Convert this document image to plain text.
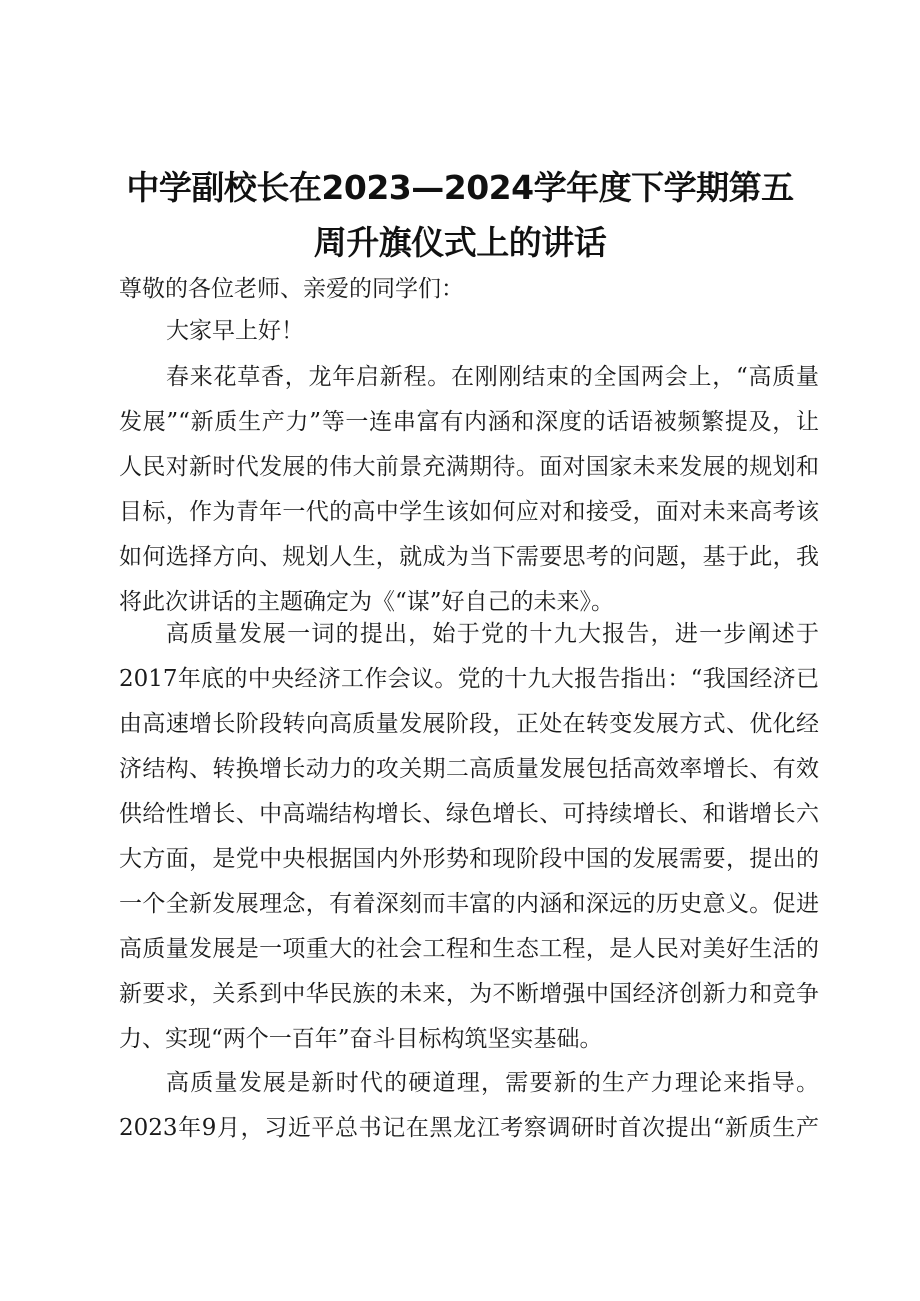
中学副校长在2023—2024学年度下学期第五
周升旗仪式上的讲话
尊敬的各位老师、亲爱的同学们：
大家早上好！

春来花草香，龙年启新程。在刚刚结束的全国两会上，“高质量发展”“新质生产力”等一连串富有内涵和深度的话语被频繁提及，让人民对新时代发展的伟大前景充满期待。面对国家未来发展的规划和目标，作为青年一代的高中学生该如何应对和接受，面对未来高考该如何选择方向、规划人生，就成为当下需要思考的问题，基于此，我将此次讲话的主题确定为《“谋”好自己的未来》。

高质量发展一词的提出，始于党的十九大报告，进一步阐述于2017年底的中央经济工作会议。党的十九大报告指出：“我国经济已由高速增长阶段转向高质量发展阶段，正处在转变发展方式、优化经济结构、转换增长动力的攻关期二高质量发展包括高效率增长、有效供给性增长、中高端结构增长、绿色增长、可持续增长、和谐增长六大方面，是党中央根据国内外形势和现阶段中国的发展需要，提出的一个全新发展理念，有着深刻而丰富的内涵和深远的历史意义。促进高质量发展是一项重大的社会工程和生态工程，是人民对美好生活的新要求，关系到中华民族的未来，为不断增强中国经济创新力和竞争力、实现“两个一百年”奋斗目标构筑坚实基础。

高质量发展是新时代的硬道理，需要新的生产力理论来指导。2023年9月，习近平总书记在黑龙江考察调研时首次提出“新质生产
